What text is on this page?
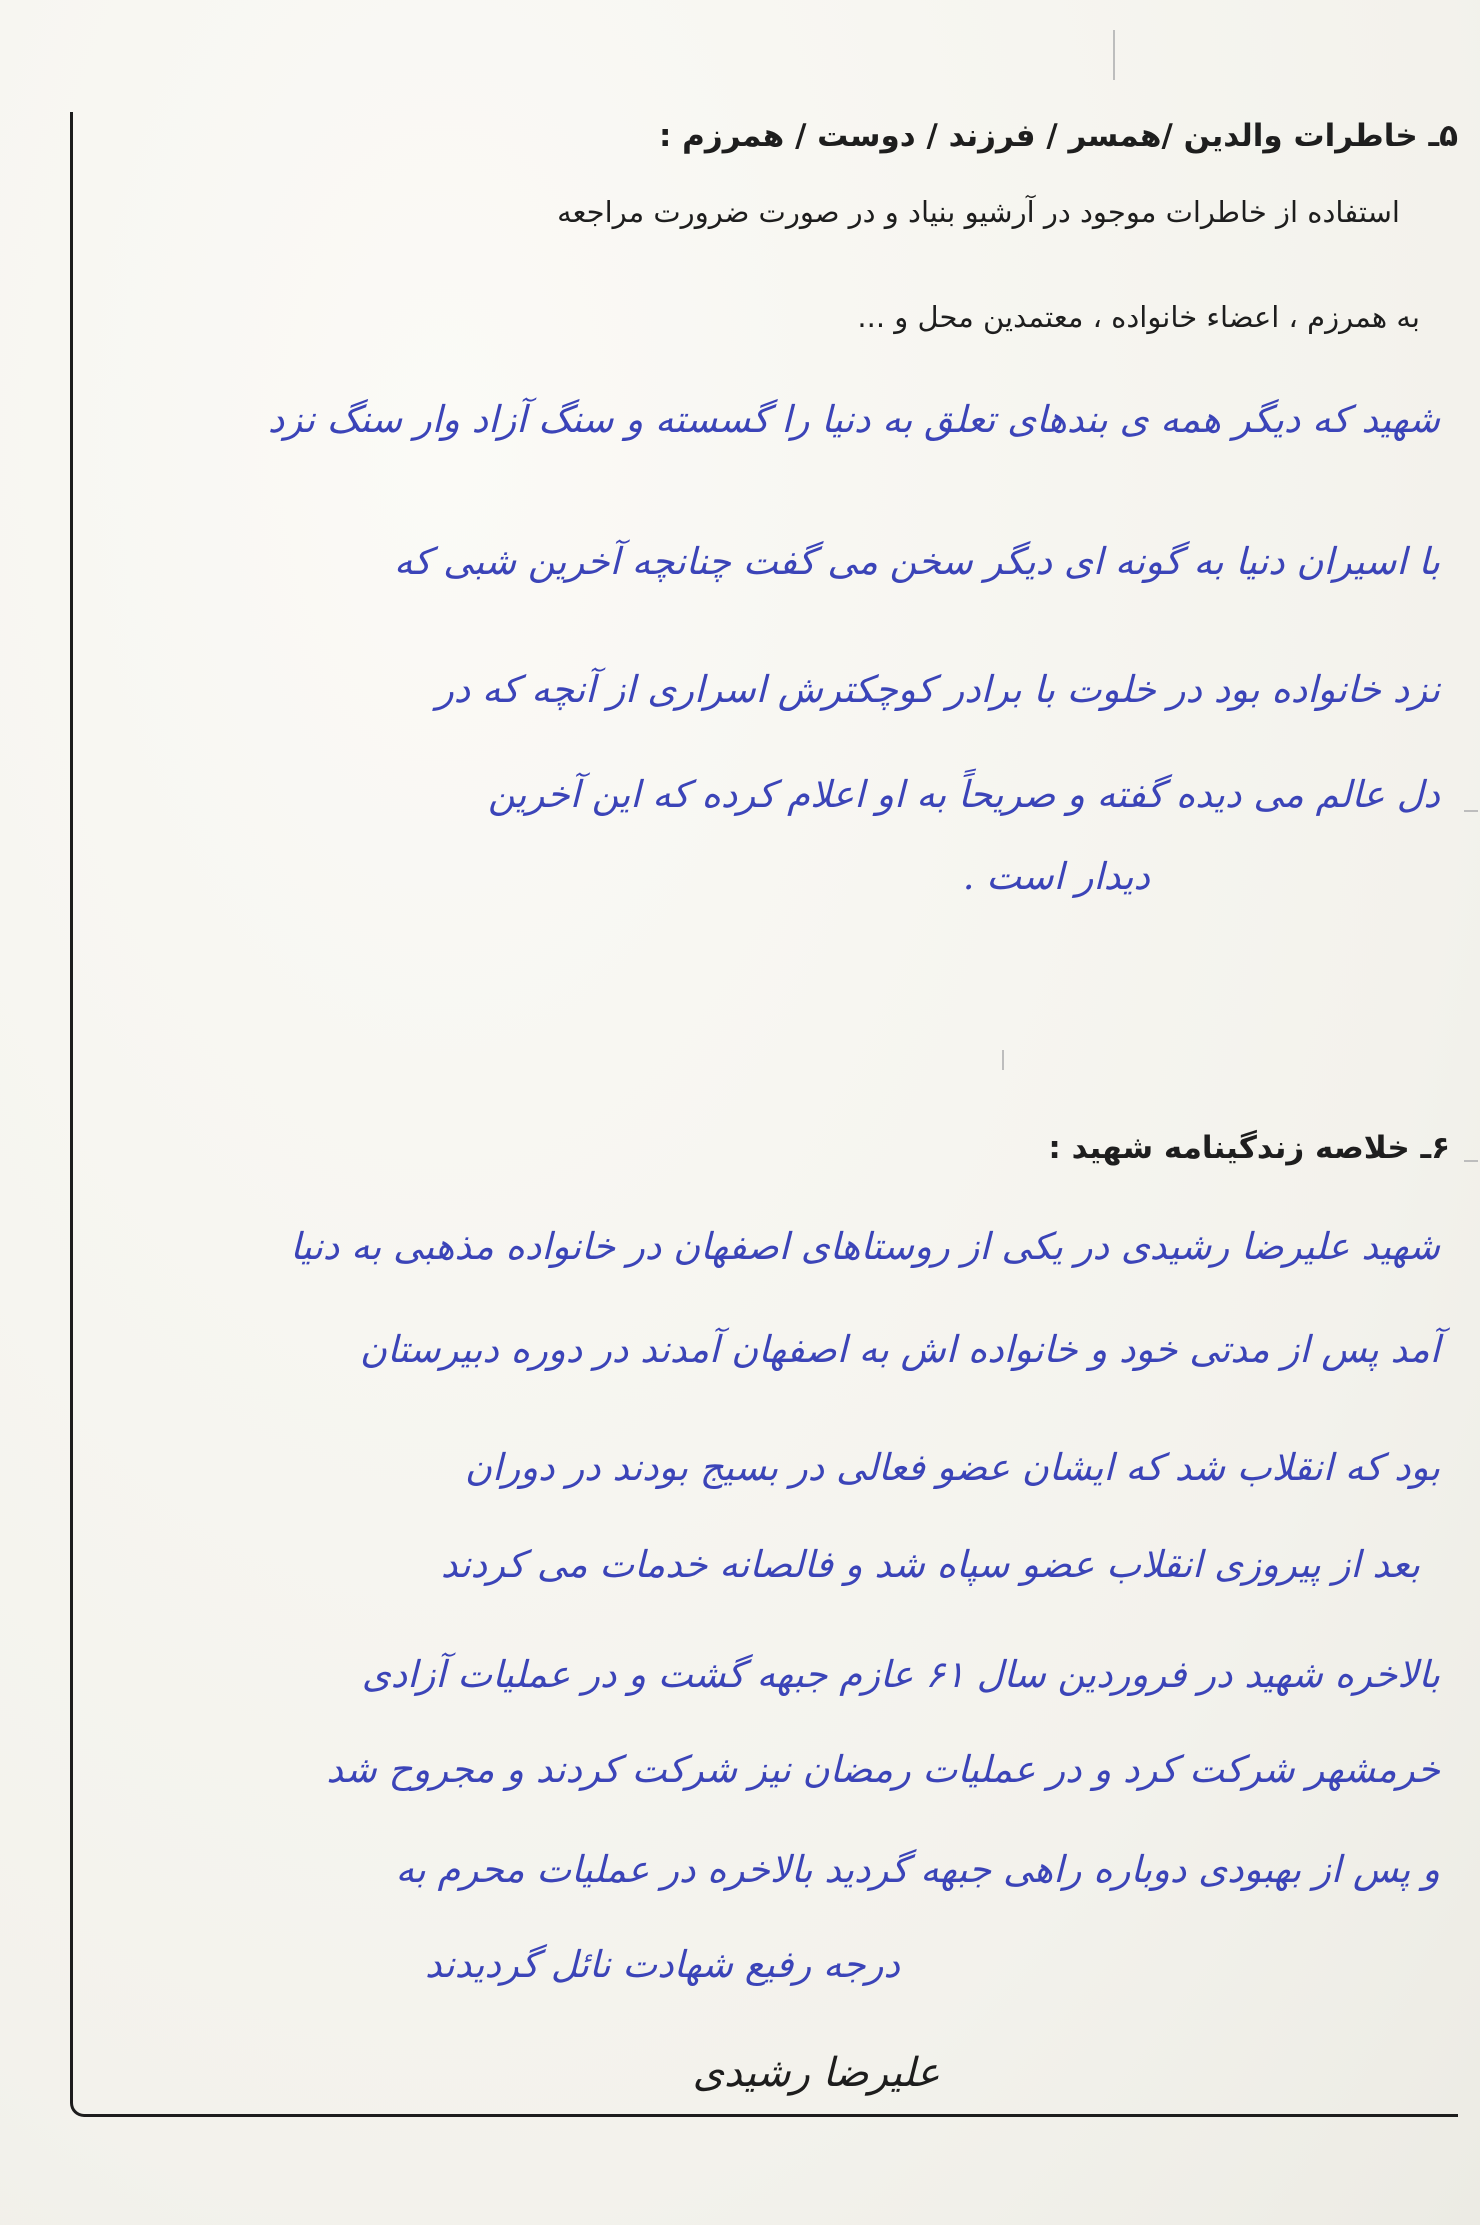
۵ـ خاطرات والدین /همسر / فرزند / دوست / همرزم :
استفاده از خاطرات موجود در آرشیو بنیاد و در صورت ضرورت مراجعه
به همرزم ، اعضاء خانواده ، معتمدین محل و ...
شهید که دیگر همه ی بندهای تعلق به دنیا را گسسته و سنگ آزاد وار سنگ نزد
با اسیران دنیا به گونه ای دیگر سخن می گفت چنانچه آخرین شبی که
نزد خانواده بود در خلوت با برادر کوچکترش اسراری از آنچه که در
دل عالم می دیده گفته و صریحاً به او اعلام کرده که این آخرین
دیدار است .
۶ـ خلاصه زندگینامه شهید :
شهید علیرضا رشیدی در یکی از روستاهای اصفهان در خانواده مذهبی به دنیا
آمد پس از مدتی خود و خانواده اش به اصفهان آمدند در دوره دبیرستان
بود که انقلاب شد که ایشان عضو فعالی در بسیج بودند در دوران
بعد از پیروزی انقلاب عضو سپاه شد و فالصانه خدمات می کردند
بالاخره شهید در فروردین سال ۶۱ عازم جبهه گشت و در عملیات آزادی
خرمشهر شرکت کرد و در عملیات رمضان نیز شرکت کردند و مجروح شد
و پس از بهبودی دوباره راهی جبهه گردید بالاخره در عملیات محرم به
درجه رفیع شهادت نائل گردیدند
علیرضا رشیدی
